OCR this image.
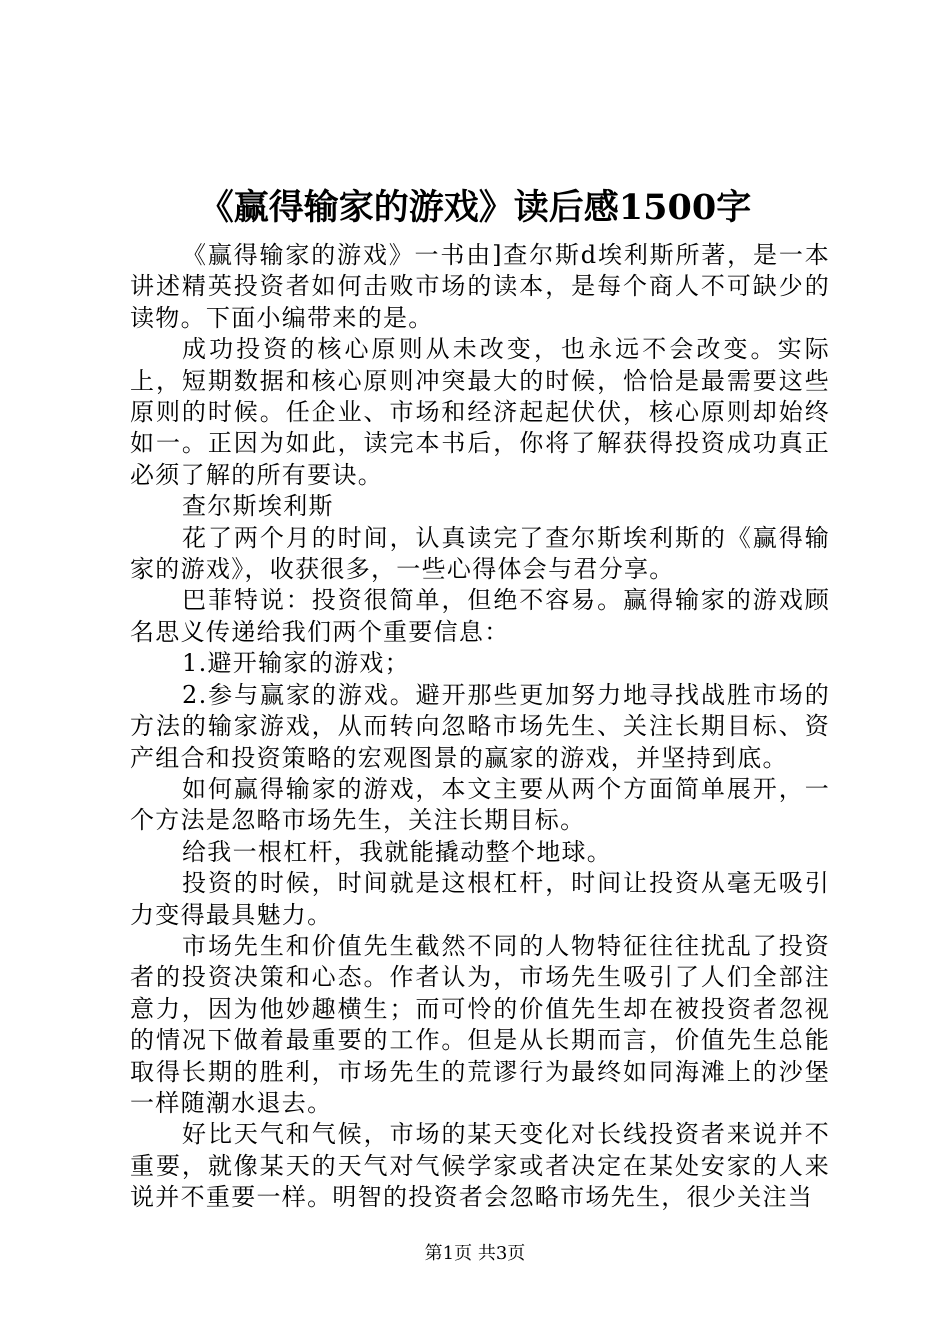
《赢得输家的游戏》读后感1500字

《赢得输家的游戏》一书由]查尔斯d埃利斯所著，是一本讲述精英投资者如何击败市场的读本，是每个商人不可缺少的读物。下面小编带来的是。

成功投资的核心原则从未改变，也永远不会改变。实际上，短期数据和核心原则冲突最大的时候，恰恰是最需要这些原则的时候。任企业、市场和经济起起伏伏，核心原则却始终如一。正因为如此，读完本书后，你将了解获得投资成功真正必须了解的所有要诀。

查尔斯埃利斯

花了两个月的时间，认真读完了查尔斯埃利斯的《赢得输家的游戏》，收获很多，一些心得体会与君分享。

巴菲特说：投资很简单，但绝不容易。赢得输家的游戏顾名思义传递给我们两个重要信息：

1.避开输家的游戏；

2.参与赢家的游戏。避开那些更加努力地寻找战胜市场的方法的输家游戏，从而转向忽略市场先生、关注长期目标、资产组合和投资策略的宏观图景的赢家的游戏，并坚持到底。

如何赢得输家的游戏，本文主要从两个方面简单展开，一个方法是忽略市场先生，关注长期目标。

给我一根杠杆，我就能撬动整个地球。

投资的时候，时间就是这根杠杆，时间让投资从毫无吸引力变得最具魅力。

市场先生和价值先生截然不同的人物特征往往扰乱了投资者的投资决策和心态。作者认为，市场先生吸引了人们全部注意力，因为他妙趣横生；而可怜的价值先生却在被投资者忽视的情况下做着最重要的工作。但是从长期而言，价值先生总能取得长期的胜利，市场先生的荒谬行为最终如同海滩上的沙堡一样随潮水退去。

好比天气和气候，市场的某天变化对长线投资者来说并不重要，就像某天的天气对气候学家或者决定在某处安家的人来说并不重要一样。明智的投资者会忽略市场先生，很少关注当

第1页 共3页
